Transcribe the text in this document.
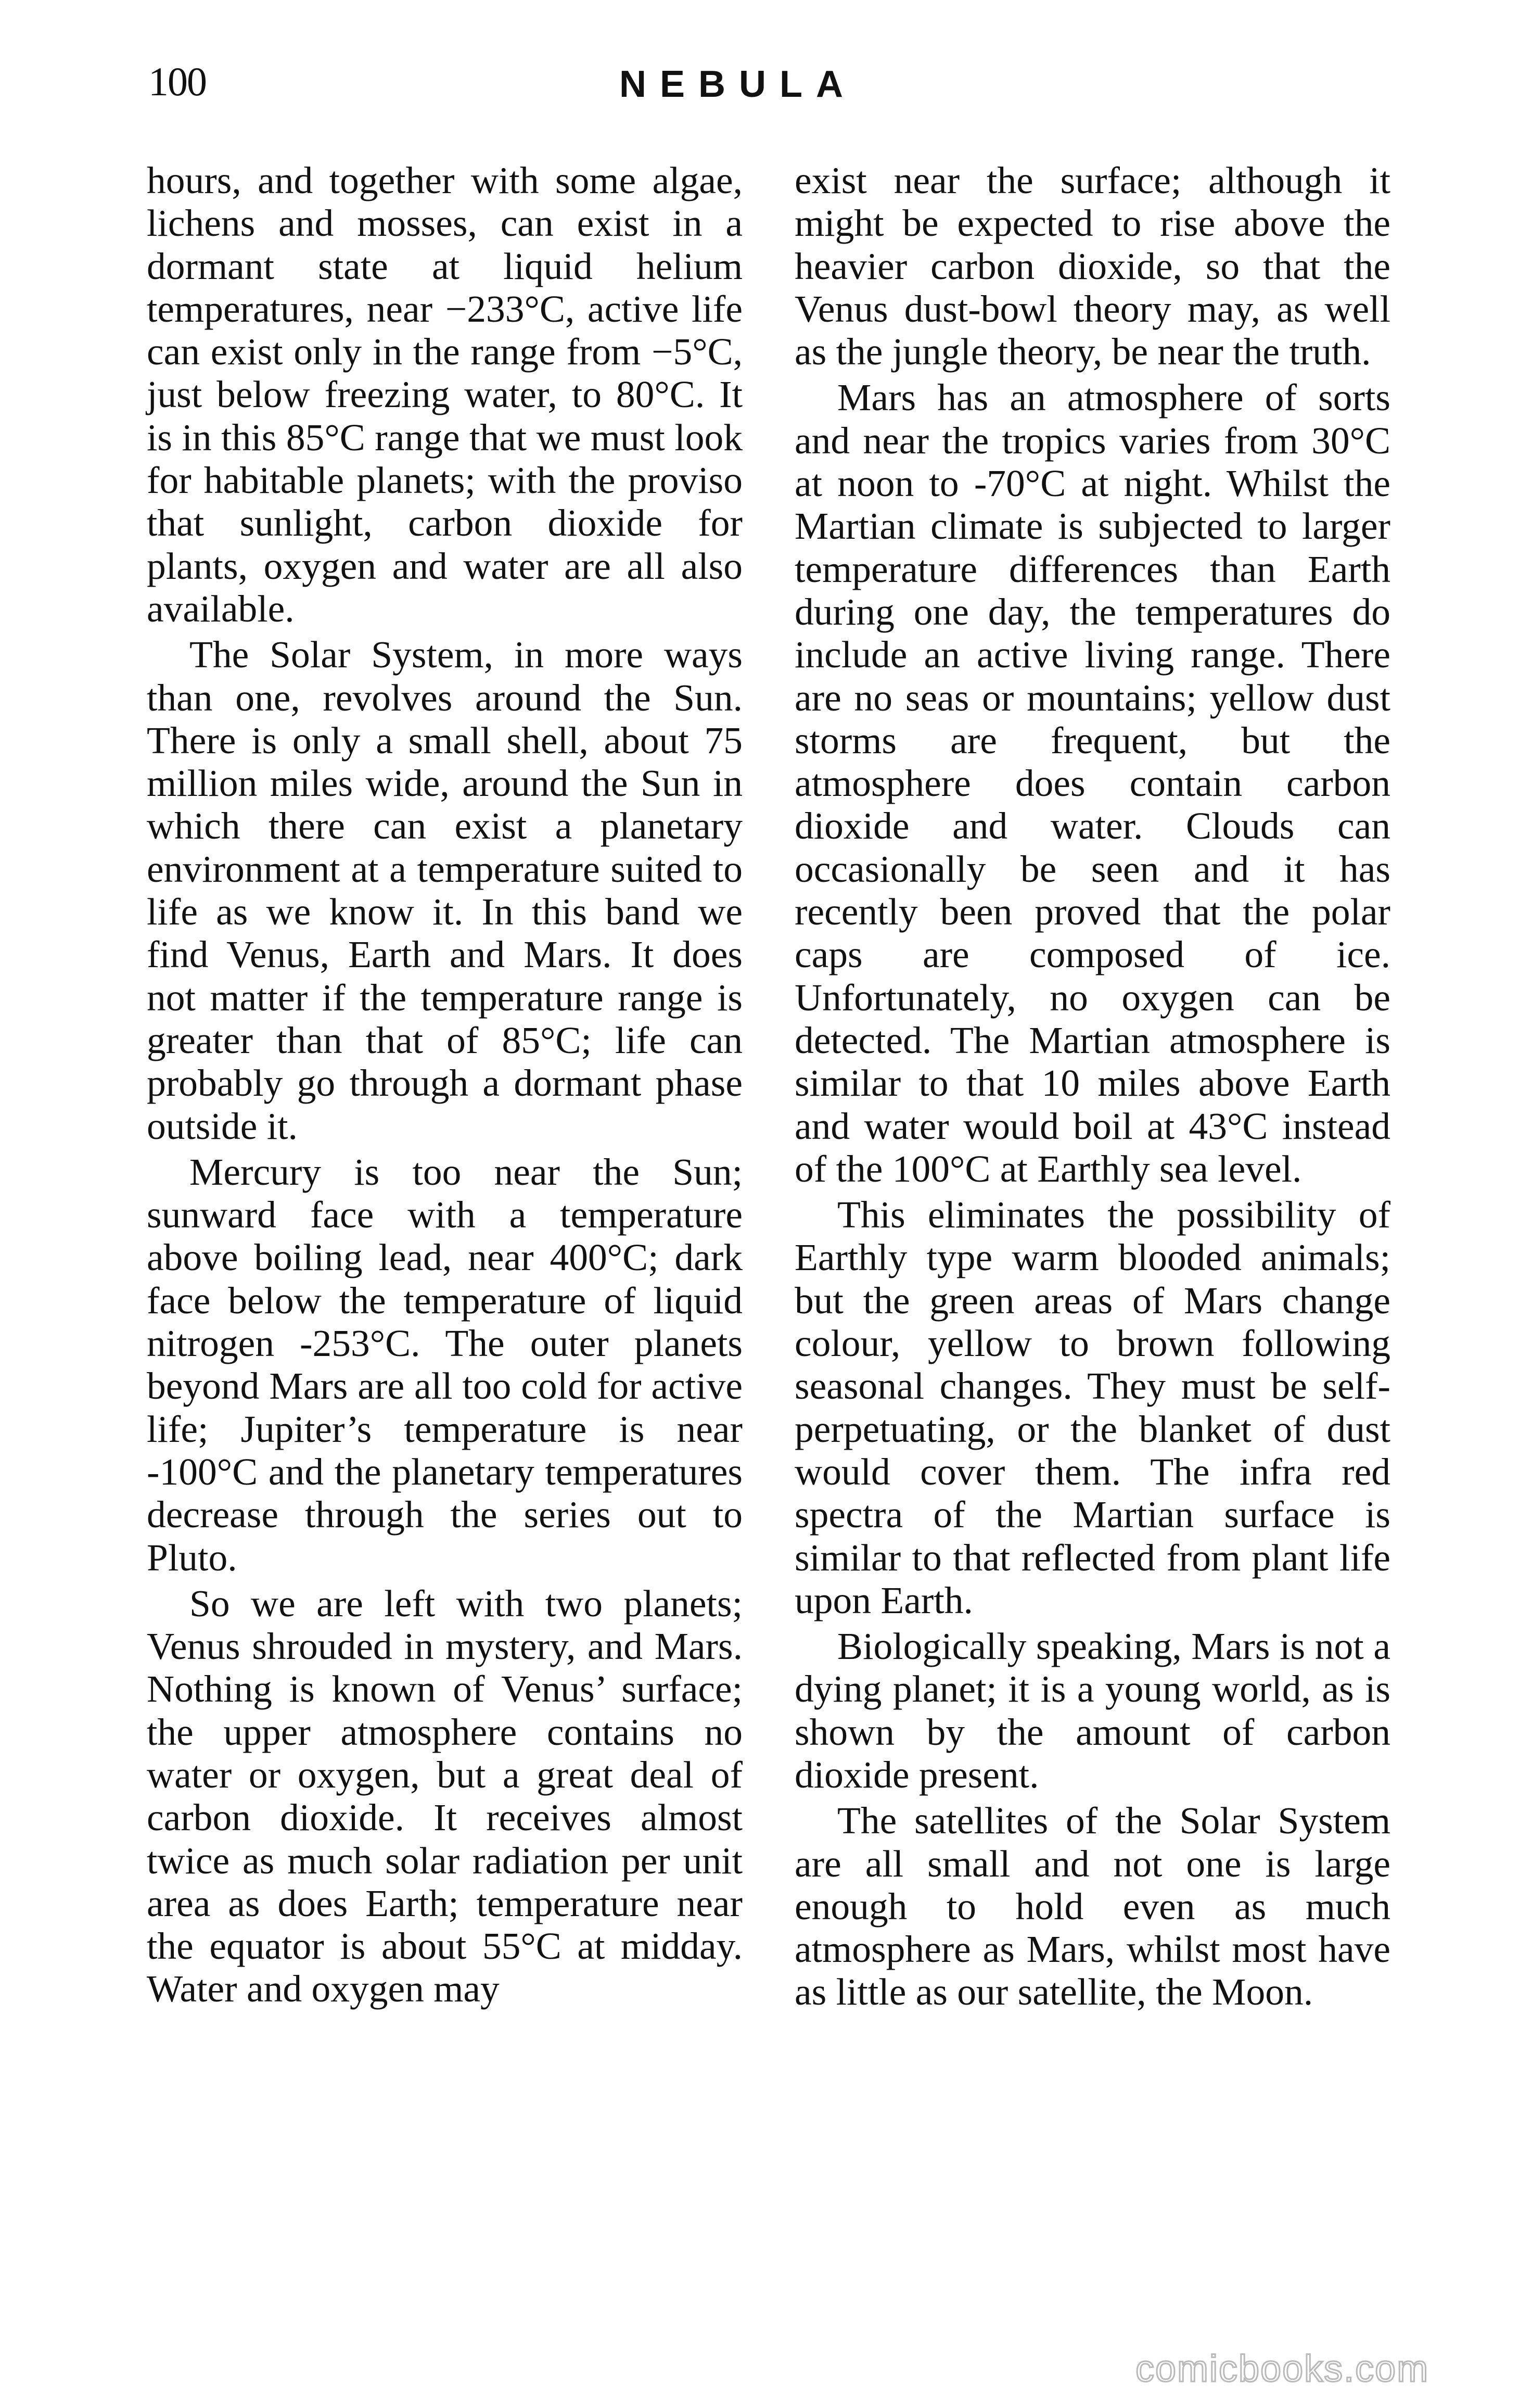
100	NEBULA

hours, and together with some algae, lichens and mosses, can exist in a dormant state at liquid helium temperatures, near −233°C, active life can exist only in the range from −5°C, just below freezing water, to 80°C. It is in this 85°C range that we must look for habitable planets; with the proviso that sunlight, carbon dioxide for plants, oxygen and water are all also available.

The Solar System, in more ways than one, revolves around the Sun. There is only a small shell, about 75 million miles wide, around the Sun in which there can exist a planetary environment at a temperature suited to life as we know it. In this band we find Venus, Earth and Mars. It does not matter if the temperature range is greater than that of 85°C; life can probably go through a dormant phase outside it.

Mercury is too near the Sun; sunward face with a temperature above boiling lead, near 400°C; dark face below the temperature of liquid nitrogen -253°C. The outer planets beyond Mars are all too cold for active life; Jupiter’s temperature is near -100°C and the planetary temperatures decrease through the series out to Pluto.

So we are left with two planets; Venus shrouded in mystery, and Mars. Nothing is known of Venus’ surface; the upper atmosphere contains no water or oxygen, but a great deal of carbon dioxide. It receives almost twice as much solar radiation per unit area as does Earth; temperature near the equator is about 55°C at midday. Water and oxygen may

exist near the surface; although it might be expected to rise above the heavier carbon dioxide, so that the Venus dust-bowl theory may, as well as the jungle theory, be near the truth.

Mars has an atmosphere of sorts and near the tropics varies from 30°C at noon to -70°C at night. Whilst the Martian climate is subjected to larger temperature differences than Earth during one day, the temperatures do include an active living range. There are no seas or mountains; yellow dust storms are frequent, but the atmosphere does contain carbon dioxide and water. Clouds can occasionally be seen and it has recently been proved that the polar caps are composed of ice. Unfortunately, no oxygen can be detected. The Martian atmosphere is similar to that 10 miles above Earth and water would boil at 43°C instead of the 100°C at Earthly sea level.

This eliminates the possibility of Earthly type warm blooded animals; but the green areas of Mars change colour, yellow to brown following seasonal changes. They must be self-perpetuating, or the blanket of dust would cover them. The infra red spectra of the Martian surface is similar to that reflected from plant life upon Earth.

Biologically speaking, Mars is not a dying planet; it is a young world, as is shown by the amount of carbon dioxide present.

The satellites of the Solar System are all small and not one is large enough to hold even as much atmosphere as Mars, whilst most have as little as our satellite, the Moon.

comicbooks.com
